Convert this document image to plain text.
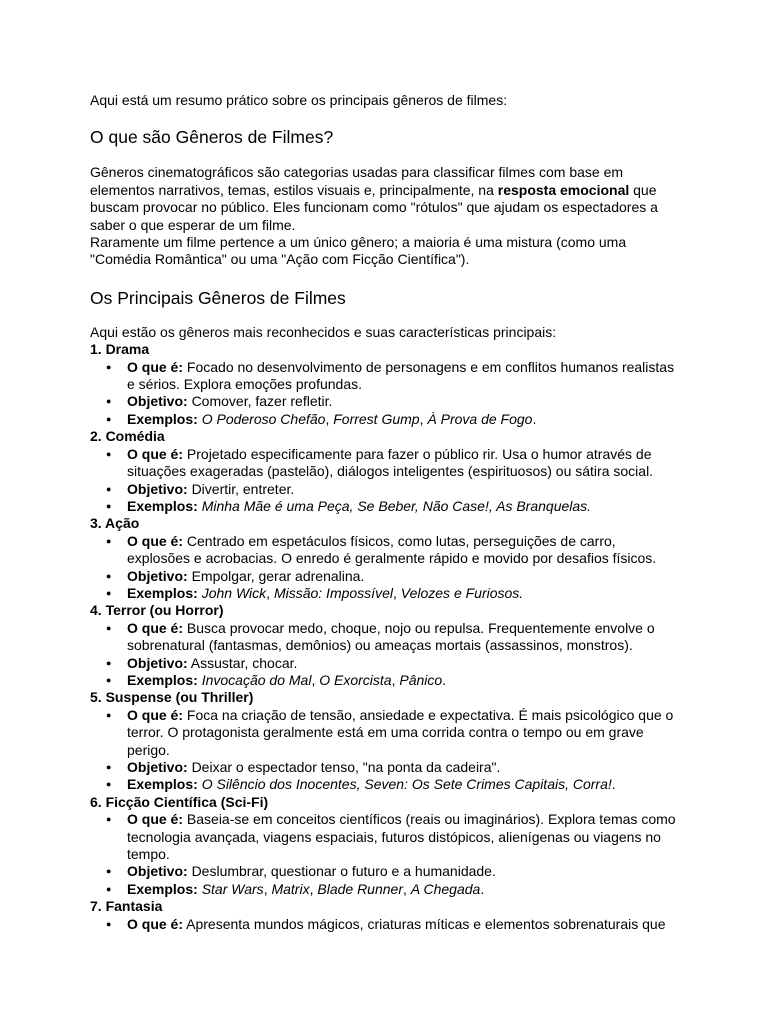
Aqui está um resumo prático sobre os principais gêneros de filmes:

O que são Gêneros de Filmes?

Gêneros cinematográficos são categorias usadas para classificar filmes com base em elementos narrativos, temas, estilos visuais e, principalmente, na resposta emocional que buscam provocar no público. Eles funcionam como "rótulos" que ajudam os espectadores a saber o que esperar de um filme.

Raramente um filme pertence a um único gênero; a maioria é uma mistura (como uma "Comédia Romântica" ou uma "Ação com Ficção Científica").

Os Principais Gêneros de Filmes

Aqui estão os gêneros mais reconhecidos e suas características principais:

1. Drama

● O que é: Focado no desenvolvimento de personagens e em conflitos humanos realistas e sérios. Explora emoções profundas.
● Objetivo: Comover, fazer refletir.
● Exemplos: O Poderoso Chefão, Forrest Gump, À Prova de Fogo.

2. Comédia

● O que é: Projetado especificamente para fazer o público rir. Usa o humor através de situações exageradas (pastelão), diálogos inteligentes (espirituosos) ou sátira social.
● Objetivo: Divertir, entreter.
● Exemplos: Minha Mãe é uma Peça, Se Beber, Não Case!, As Branquelas.

3. Ação

● O que é: Centrado em espetáculos físicos, como lutas, perseguições de carro, explosões e acrobacias. O enredo é geralmente rápido e movido por desafios físicos.
● Objetivo: Empolgar, gerar adrenalina.
● Exemplos: John Wick, Missão: Impossível, Velozes e Furiosos.

4. Terror (ou Horror)

● O que é: Busca provocar medo, choque, nojo ou repulsa. Frequentemente envolve o sobrenatural (fantasmas, demônios) ou ameaças mortais (assassinos, monstros).
● Objetivo: Assustar, chocar.
● Exemplos: Invocação do Mal, O Exorcista, Pânico.

5. Suspense (ou Thriller)

● O que é: Foca na criação de tensão, ansiedade e expectativa. É mais psicológico que o terror. O protagonista geralmente está em uma corrida contra o tempo ou em grave perigo.
● Objetivo: Deixar o espectador tenso, "na ponta da cadeira".
● Exemplos: O Silêncio dos Inocentes, Seven: Os Sete Crimes Capitais, Corra!.

6. Ficção Científica (Sci-Fi)

● O que é: Baseia-se em conceitos científicos (reais ou imaginários). Explora temas como tecnologia avançada, viagens espaciais, futuros distópicos, alienígenas ou viagens no tempo.
● Objetivo: Deslumbrar, questionar o futuro e a humanidade.
● Exemplos: Star Wars, Matrix, Blade Runner, A Chegada.

7. Fantasia

● O que é: Apresenta mundos mágicos, criaturas míticas e elementos sobrenaturais que
